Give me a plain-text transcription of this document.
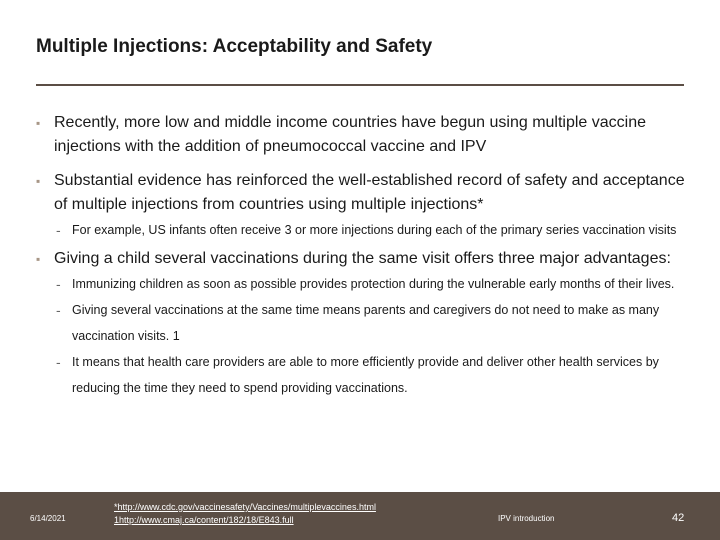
Multiple Injections: Acceptability and Safety
▪ Recently, more low and middle income countries have begun using multiple vaccine injections with the addition of pneumococcal vaccine and IPV
▪ Substantial evidence has reinforced the well-established record of safety and acceptance of multiple injections from countries using multiple injections*
- For example, US infants often receive 3 or more injections during each of the primary series vaccination visits
▪ Giving a child several vaccinations during the same visit offers three major advantages:
- Immunizing children as soon as possible provides protection during the vulnerable early months of their lives.
- Giving several vaccinations at the same time means parents and caregivers do not need to make as many vaccination visits. 1
- It means that health care providers are able to more efficiently provide and deliver other health services by reducing the time they need to spend providing vaccinations.
6/14/2021
*http://www.cdc.gov/vaccinesafety/Vaccines/multiplevaccines.html
1http://www.cmaj.ca/content/182/18/E843.full	IPV introduction	42
